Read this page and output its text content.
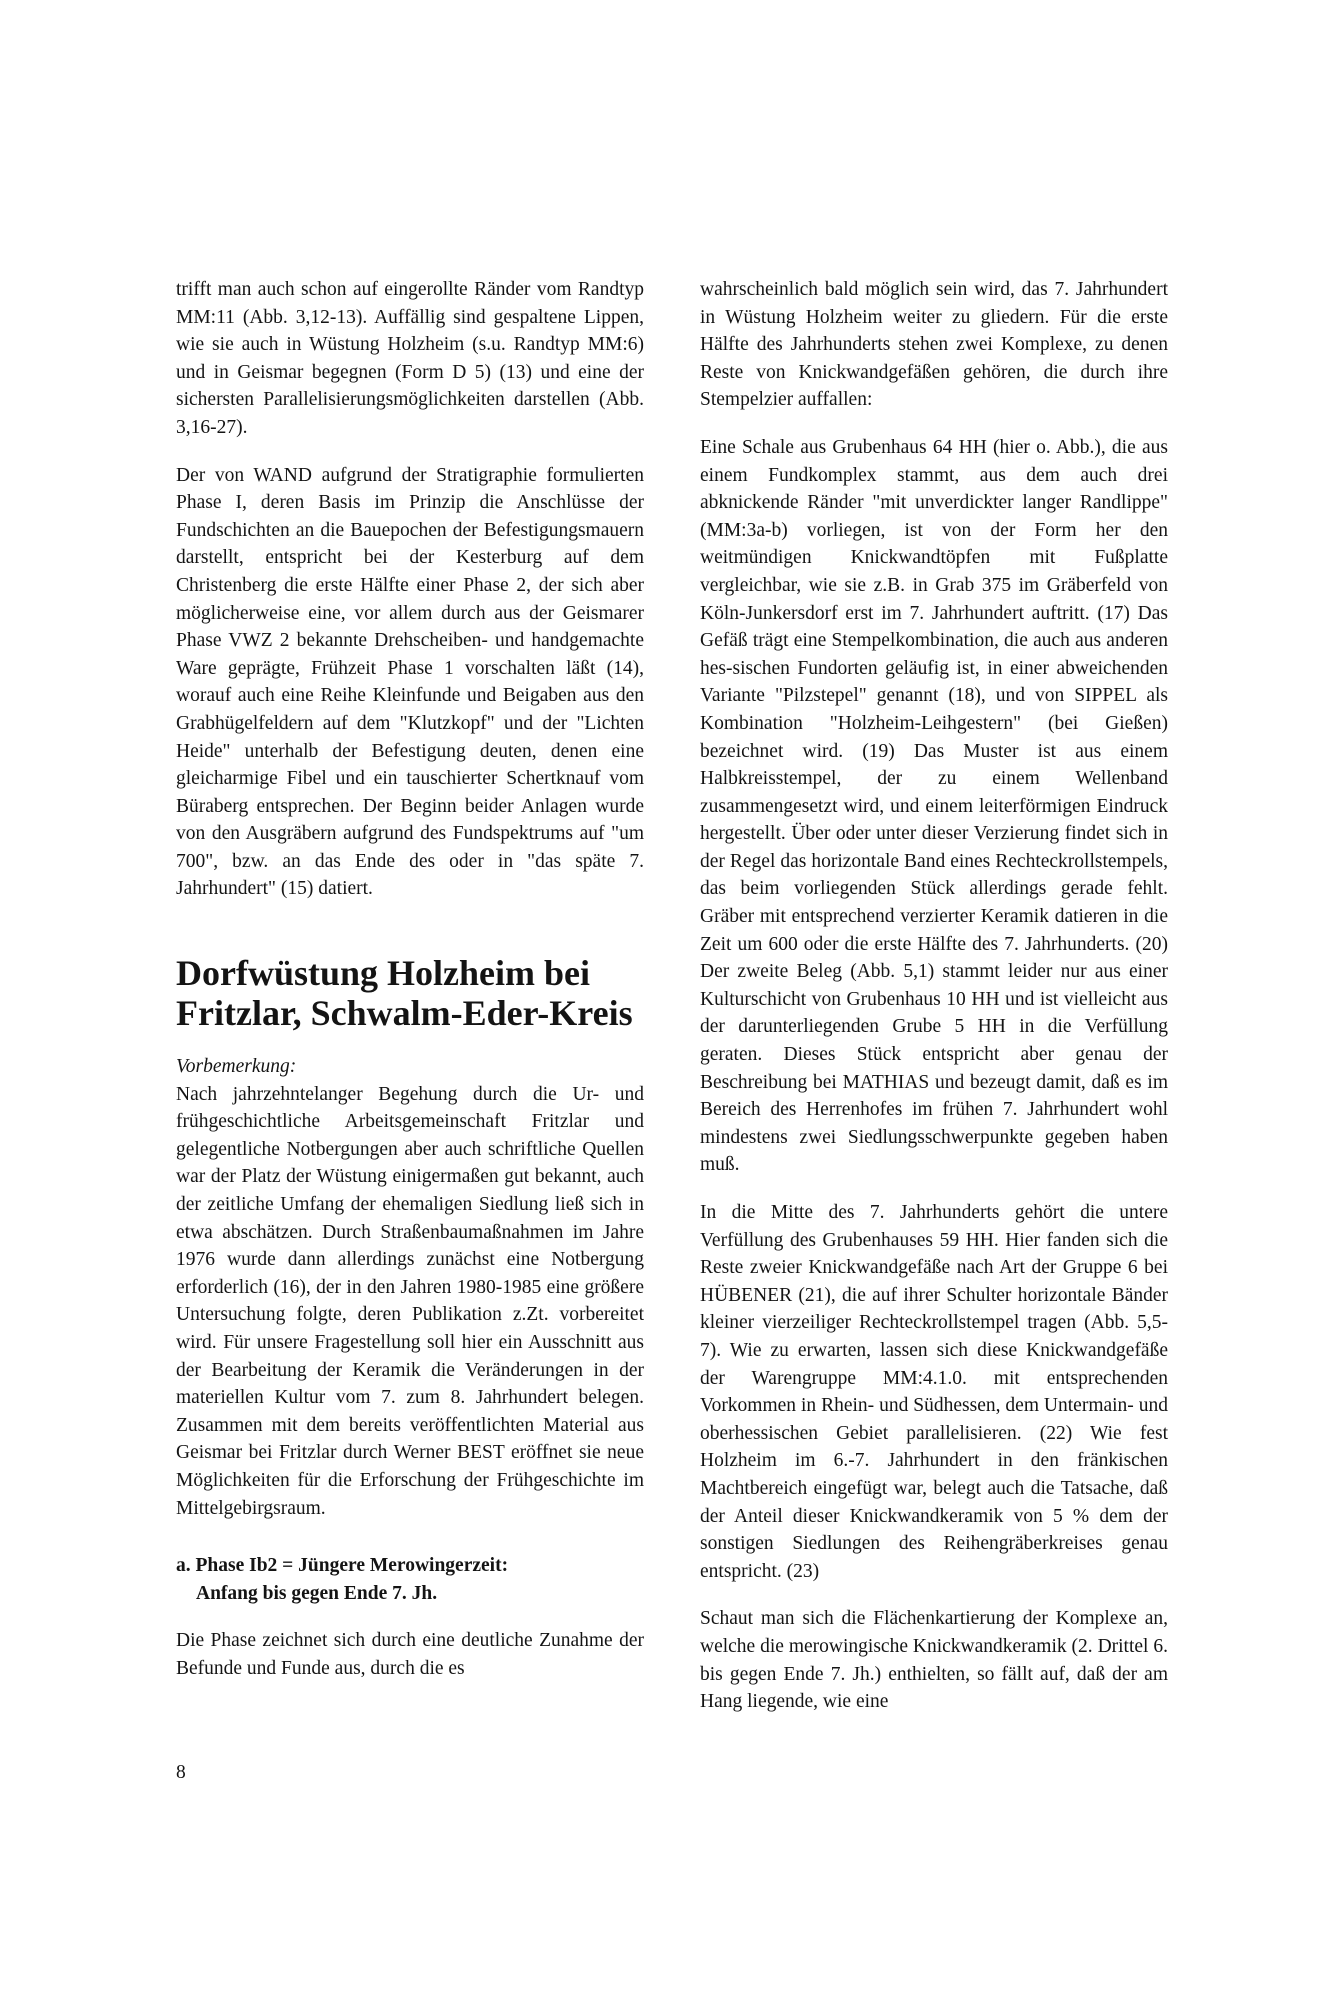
trifft man auch schon auf eingerollte Ränder vom Randtyp MM:11 (Abb. 3,12-13). Auffällig sind gespaltene Lippen, wie sie auch in Wüstung Holzheim (s.u. Randtyp MM:6) und in Geismar begegnen (Form D 5) (13) und eine der sichersten Parallelisierungsmöglichkeiten darstellen (Abb. 3,16-27).

Der von WAND aufgrund der Stratigraphie formulierten Phase I, deren Basis im Prinzip die Anschlüsse der Fundschichten an die Bauepochen der Befestigungsmauern darstellt, entspricht bei der Kesterburg auf dem Christenberg die erste Hälfte einer Phase 2, der sich aber möglicherweise eine, vor allem durch aus der Geismarer Phase VWZ 2 bekannte Drehscheiben- und handgemachte Ware geprägte, Frühzeit Phase 1 vorschalten läßt (14), worauf auch eine Reihe Kleinfunde und Beigaben aus den Grabhügelfeldern auf dem "Klutzkopf" und der "Lichten Heide" unterhalb der Befestigung deuten, denen eine gleicharmige Fibel und ein tauschierter Schertknauf vom Büraberg entsprechen. Der Beginn beider Anlagen wurde von den Ausgräbern aufgrund des Fundspektrums auf "um 700", bzw. an das Ende des oder in "das späte 7. Jahrhundert" (15) datiert.

Dorfwüstung Holzheim bei
Fritzlar, Schwalm-Eder-Kreis
Vorbemerkung:

Nach jahrzehntelanger Begehung durch die Ur- und frühgeschichtliche Arbeitsgemeinschaft Fritzlar und gelegentliche Notbergungen aber auch schriftliche Quellen war der Platz der Wüstung einigermaßen gut bekannt, auch der zeitliche Umfang der ehemaligen Siedlung ließ sich in etwa abschätzen. Durch Straßenbaumaßnahmen im Jahre 1976 wurde dann allerdings zunächst eine Notbergung erforderlich (16), der in den Jahren 1980-1985 eine größere Untersuchung folgte, deren Publikation z.Zt. vorbereitet wird. Für unsere Fragestellung soll hier ein Ausschnitt aus der Bearbeitung der Keramik die Veränderungen in der materiellen Kultur vom 7. zum 8. Jahrhundert belegen. Zusammen mit dem bereits veröffentlichten Material aus Geismar bei Fritzlar durch Werner BEST eröffnet sie neue Möglichkeiten für die Erforschung der Frühgeschichte im Mittelgebirgsraum.

a. Phase Ib2 = Jüngere Merowingerzeit:
Anfang bis gegen Ende 7. Jh.

Die Phase zeichnet sich durch eine deutliche Zunahme der Befunde und Funde aus, durch die es

wahrscheinlich bald möglich sein wird, das 7. Jahrhundert in Wüstung Holzheim weiter zu gliedern. Für die erste Hälfte des Jahrhunderts stehen zwei Komplexe, zu denen Reste von Knickwandgefäßen gehören, die durch ihre Stempelzier auffallen:

Eine Schale aus Grubenhaus 64 HH (hier o. Abb.), die aus einem Fundkomplex stammt, aus dem auch drei abknickende Ränder "mit unverdickter langer Randlippe" (MM:3a-b) vorliegen, ist von der Form her den weitmündigen Knickwandtöpfen mit Fußplatte vergleichbar, wie sie z.B. in Grab 375 im Gräberfeld von Köln-Junkersdorf erst im 7. Jahrhundert auftritt. (17) Das Gefäß trägt eine Stempelkombination, die auch aus anderen hes-sischen Fundorten geläufig ist, in einer abweichenden Variante "Pilzstepel" genannt (18), und von SIPPEL als Kombination "Holzheim-Leihgestern" (bei Gießen) bezeichnet wird. (19) Das Muster ist aus einem Halbkreisstempel, der zu einem Wellenband zusammengesetzt wird, und einem leiterförmigen Eindruck hergestellt. Über oder unter dieser Verzierung findet sich in der Regel das horizontale Band eines Rechteckrollstempels, das beim vorliegenden Stück allerdings gerade fehlt. Gräber mit entsprechend verzierter Keramik datieren in die Zeit um 600 oder die erste Hälfte des 7. Jahrhunderts. (20) Der zweite Beleg (Abb. 5,1) stammt leider nur aus einer Kulturschicht von Grubenhaus 10 HH und ist vielleicht aus der darunterliegenden Grube 5 HH in die Verfüllung geraten. Dieses Stück entspricht aber genau der Beschreibung bei MATHIAS und bezeugt damit, daß es im Bereich des Herrenhofes im frühen 7. Jahrhundert wohl mindestens zwei Siedlungsschwerpunkte gegeben haben muß.

In die Mitte des 7. Jahrhunderts gehört die untere Verfüllung des Grubenhauses 59 HH. Hier fanden sich die Reste zweier Knickwandgefäße nach Art der Gruppe 6 bei HÜBENER (21), die auf ihrer Schulter horizontale Bänder kleiner vierzeiliger Rechteckrollstempel tragen (Abb. 5,5-7). Wie zu erwarten, lassen sich diese Knickwandgefäße der Warengruppe MM:4.1.0. mit entsprechenden Vorkommen in Rhein- und Südhessen, dem Untermain- und oberhessischen Gebiet parallelisieren. (22) Wie fest Holzheim im 6.-7. Jahrhundert in den fränkischen Machtbereich eingefügt war, belegt auch die Tatsache, daß der Anteil dieser Knickwandkeramik von 5 % dem der sonstigen Siedlungen des Reihengräberkreises genau entspricht. (23)

Schaut man sich die Flächenkartierung der Komplexe an, welche die merowingische Knickwandkeramik (2. Drittel 6. bis gegen Ende 7. Jh.) enthielten, so fällt auf, daß der am Hang liegende, wie eine

8
